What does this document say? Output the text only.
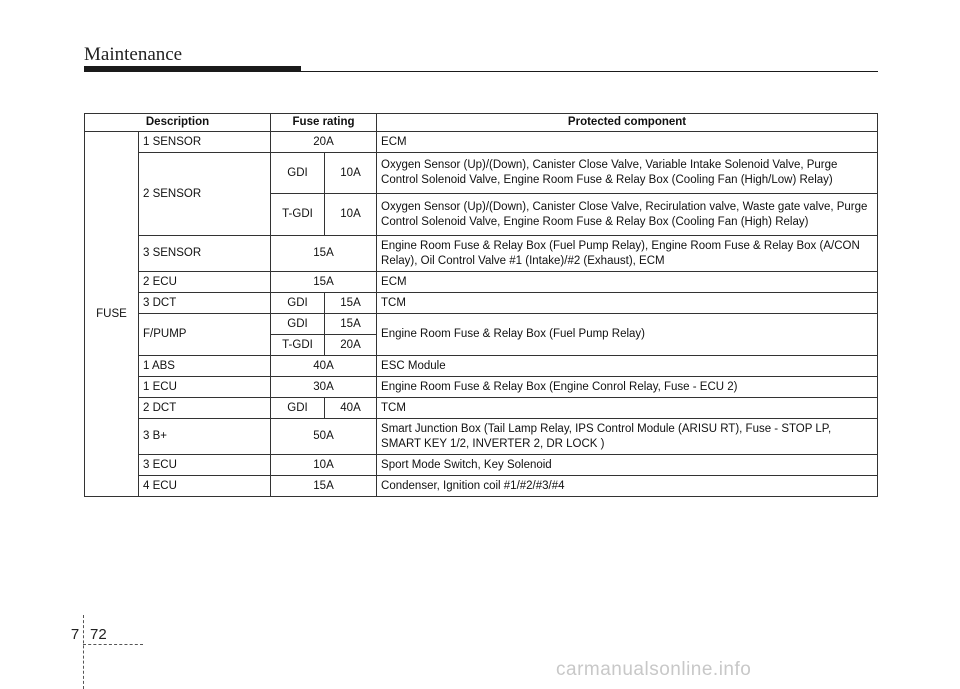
Maintenance
Description		Fuse rating		Protected component
FUSE	1 SENSOR	20A		ECM
	2 SENSOR	GDI	10A	Oxygen Sensor (Up)/(Down), Canister Close Valve, Variable Intake Solenoid Valve, Purge Control Solenoid Valve, Engine Room Fuse & Relay Box (Cooling Fan (High/Low) Relay)
		T-GDI	10A	Oxygen Sensor (Up)/(Down), Canister Close Valve, Recirulation valve, Waste gate valve, Purge Control Solenoid Valve, Engine Room Fuse & Relay Box (Cooling Fan (High) Relay)
	3 SENSOR	15A		Engine Room Fuse & Relay Box (Fuel Pump Relay), Engine Room Fuse & Relay Box (A/CON Relay), Oil Control Valve #1 (Intake)/#2 (Exhaust), ECM
	2 ECU	15A		ECM
	3 DCT	GDI	15A	TCM
	F/PUMP	GDI	15A	Engine Room Fuse & Relay Box (Fuel Pump Relay)
		T-GDI	20A	
	1 ABS	40A		ESC Module
	1 ECU	30A		Engine Room Fuse & Relay Box (Engine Conrol Relay, Fuse - ECU 2)
	2 DCT	GDI	40A	TCM
	3 B+	50A		Smart Junction Box (Tail Lamp Relay, IPS Control Module (ARISU RT), Fuse - STOP LP, SMART KEY 1/2, INVERTER 2, DR LOCK )
	3 ECU	10A		Sport Mode Switch, Key Solenoid
	4 ECU	15A		Condenser, Ignition coil #1/#2/#3/#4
7 72
carmanualsonline.info
